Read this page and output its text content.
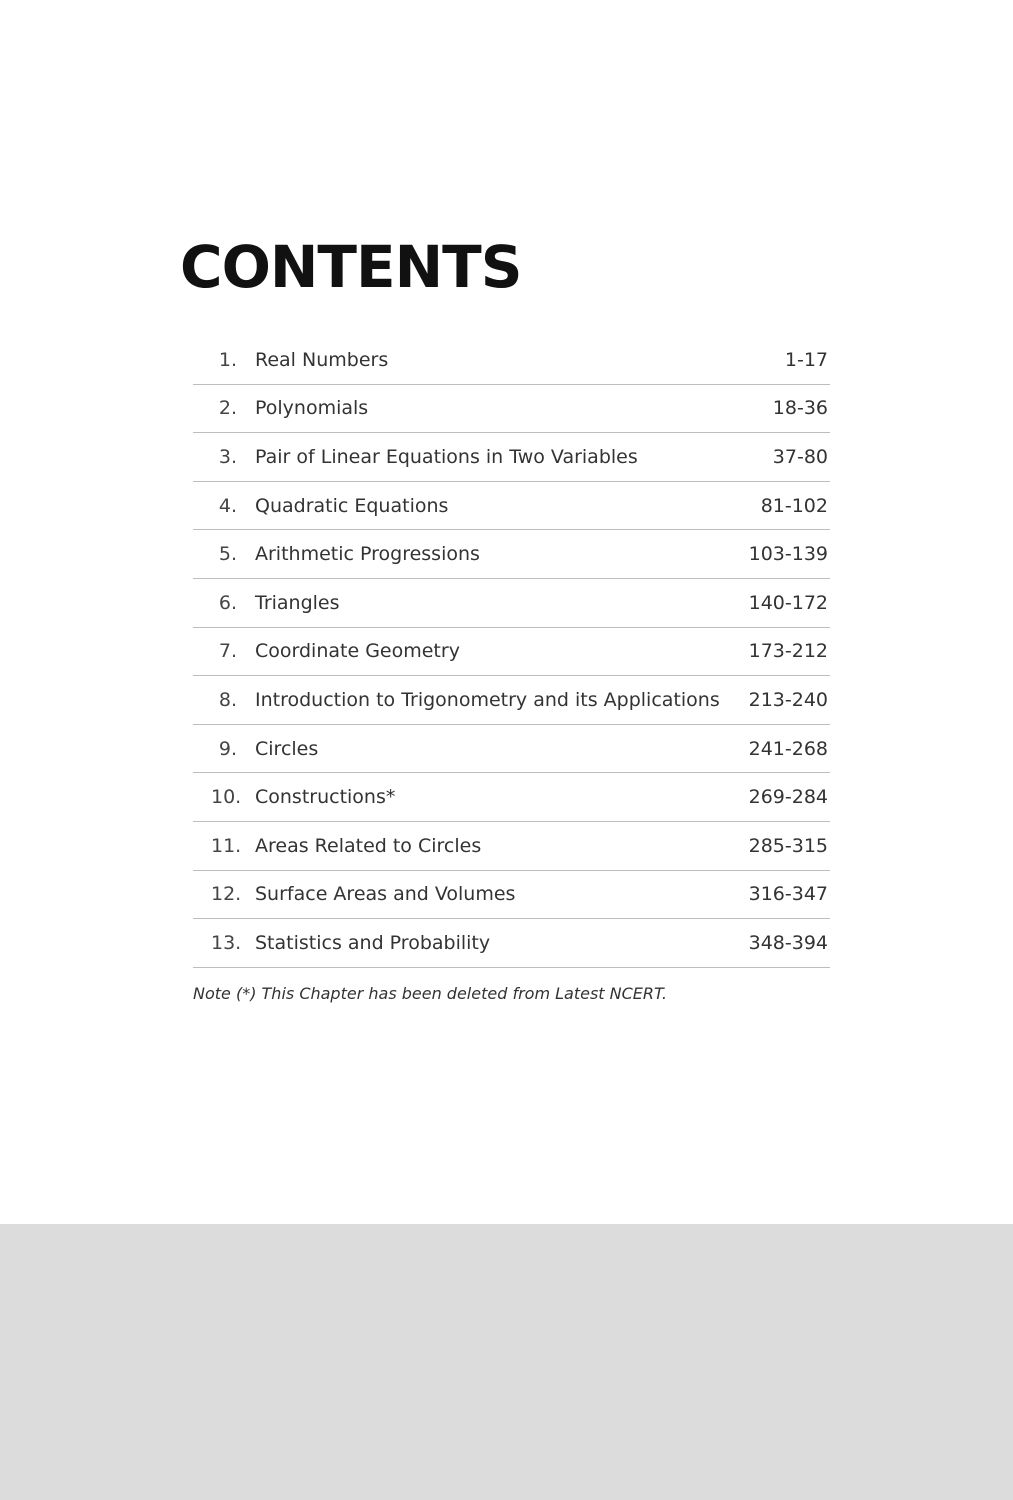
CONTENTS
1. Real Numbers	1-17
2. Polynomials	18-36
3. Pair of Linear Equations in Two Variables	37-80
4. Quadratic Equations	81-102
5. Arithmetic Progressions	103-139
6. Triangles	140-172
7. Coordinate Geometry	173-212
8. Introduction to Trigonometry and its Applications	213-240
9. Circles	241-268
10. Constructions*	269-284
11. Areas Related to Circles	285-315
12. Surface Areas and Volumes	316-347
13. Statistics and Probability	348-394
Note (*) This Chapter has been deleted from Latest NCERT.
